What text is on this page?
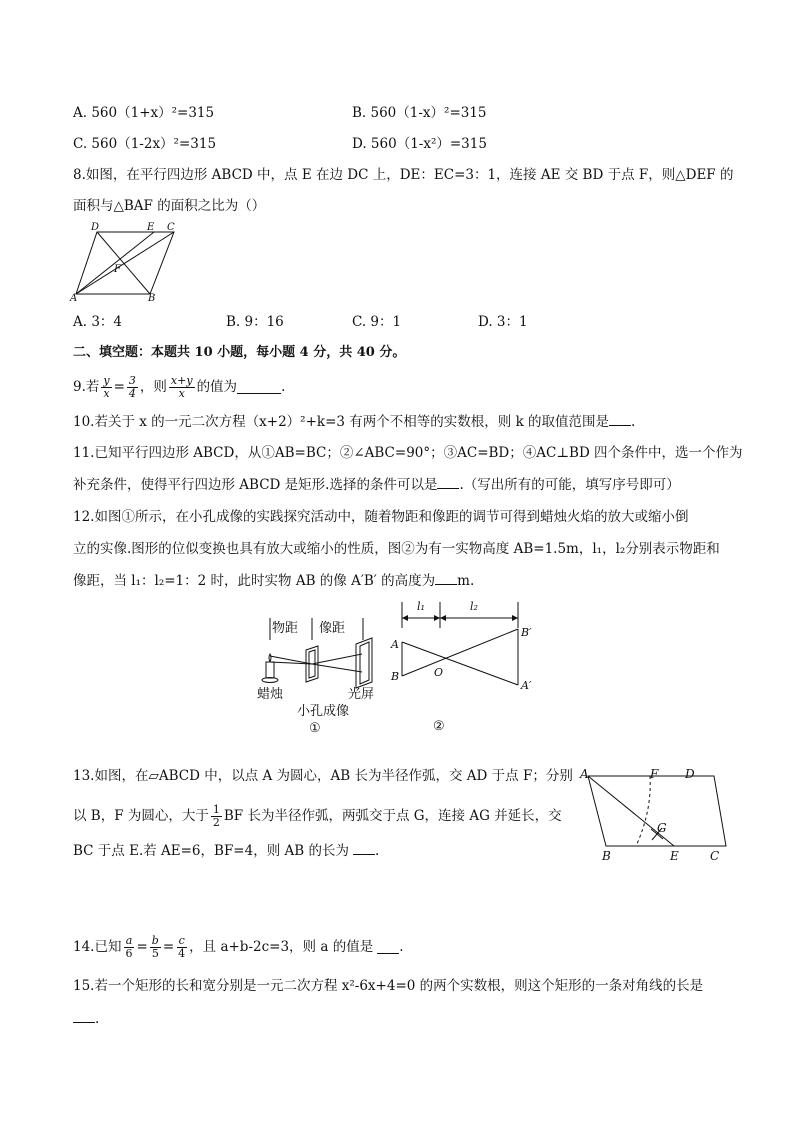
A. 560（1+x）²=315	B. 560（1-x）²=315
C. 560（1-2x）²=315	D. 560（1-x²）=315
8.如图，在平行四边形 ABCD 中，点 E 在边 DC 上，DE：EC=3：1，连接 AE 交 BD 于点 F，则△DEF 的
面积与△BAF 的面积之比为（）
D	E C
F
A	B
A. 3：4	B. 9：16	C. 9：1	D. 3：1
二、填空题：本题共 10 小题，每小题 4 分，共 40 分。
9.若 $\frac{y}{x} = \frac{3}{4}$ ，则 $\frac{x+y}{x}$ 的值为	.
10.若关于 x 的一元二次方程（x+2）²+k=3 有两个不相等的实数根，则 k 的取值范围是 .
11.已知平行四边形 ABCD，从①AB=BC；②∠ABC=90°；③AC=BD；④AC⊥BD 四个条件中，选一个作为
补充条件，使得平行四边形 ABCD 是矩形.选择的条件可以是 .（写出所有的可能，填写序号即可）
12.如图①所示，在小孔成像的实践探究活动中，随着物距和像距的调节可得到蜡烛火焰的放大或缩小倒
立的实像.图形的位似变换也具有放大或缩小的性质，图②为有一实物高度 AB=1.5m，l₁，l₂分别表示物距和
像距，当 l₁：l₂=1：2 时，此时实物 AB 的像 A′B′ 的高度为 m.
物距 像距
蜡烛	光屏
小孔成像
①
l₁	l₂
A
B	O
B′
A′
②
13.如图，在▱ABCD 中，以点 A 为圆心，AB 长为半径作弧，交 AD 于点 F；分别
以 B，F 为圆心，大于 $\frac{1}{2}$ BF 长为半径作弧，两弧交于点 G，连接 AG 并延长，交
BC 于点 E.若 AE=6，BF=4，则 AB 的长为 .
A	F D
G
B	E	C
14.已知 $\frac{a}{6} = \frac{b}{5} = \frac{c}{4}$ ，且 a+b-2c=3，则 a 的值是 .
15.若一个矩形的长和宽分别是一元二次方程 x²-6x+4=0 的两个实数根，则这个矩形的一条对角线的长是
.
